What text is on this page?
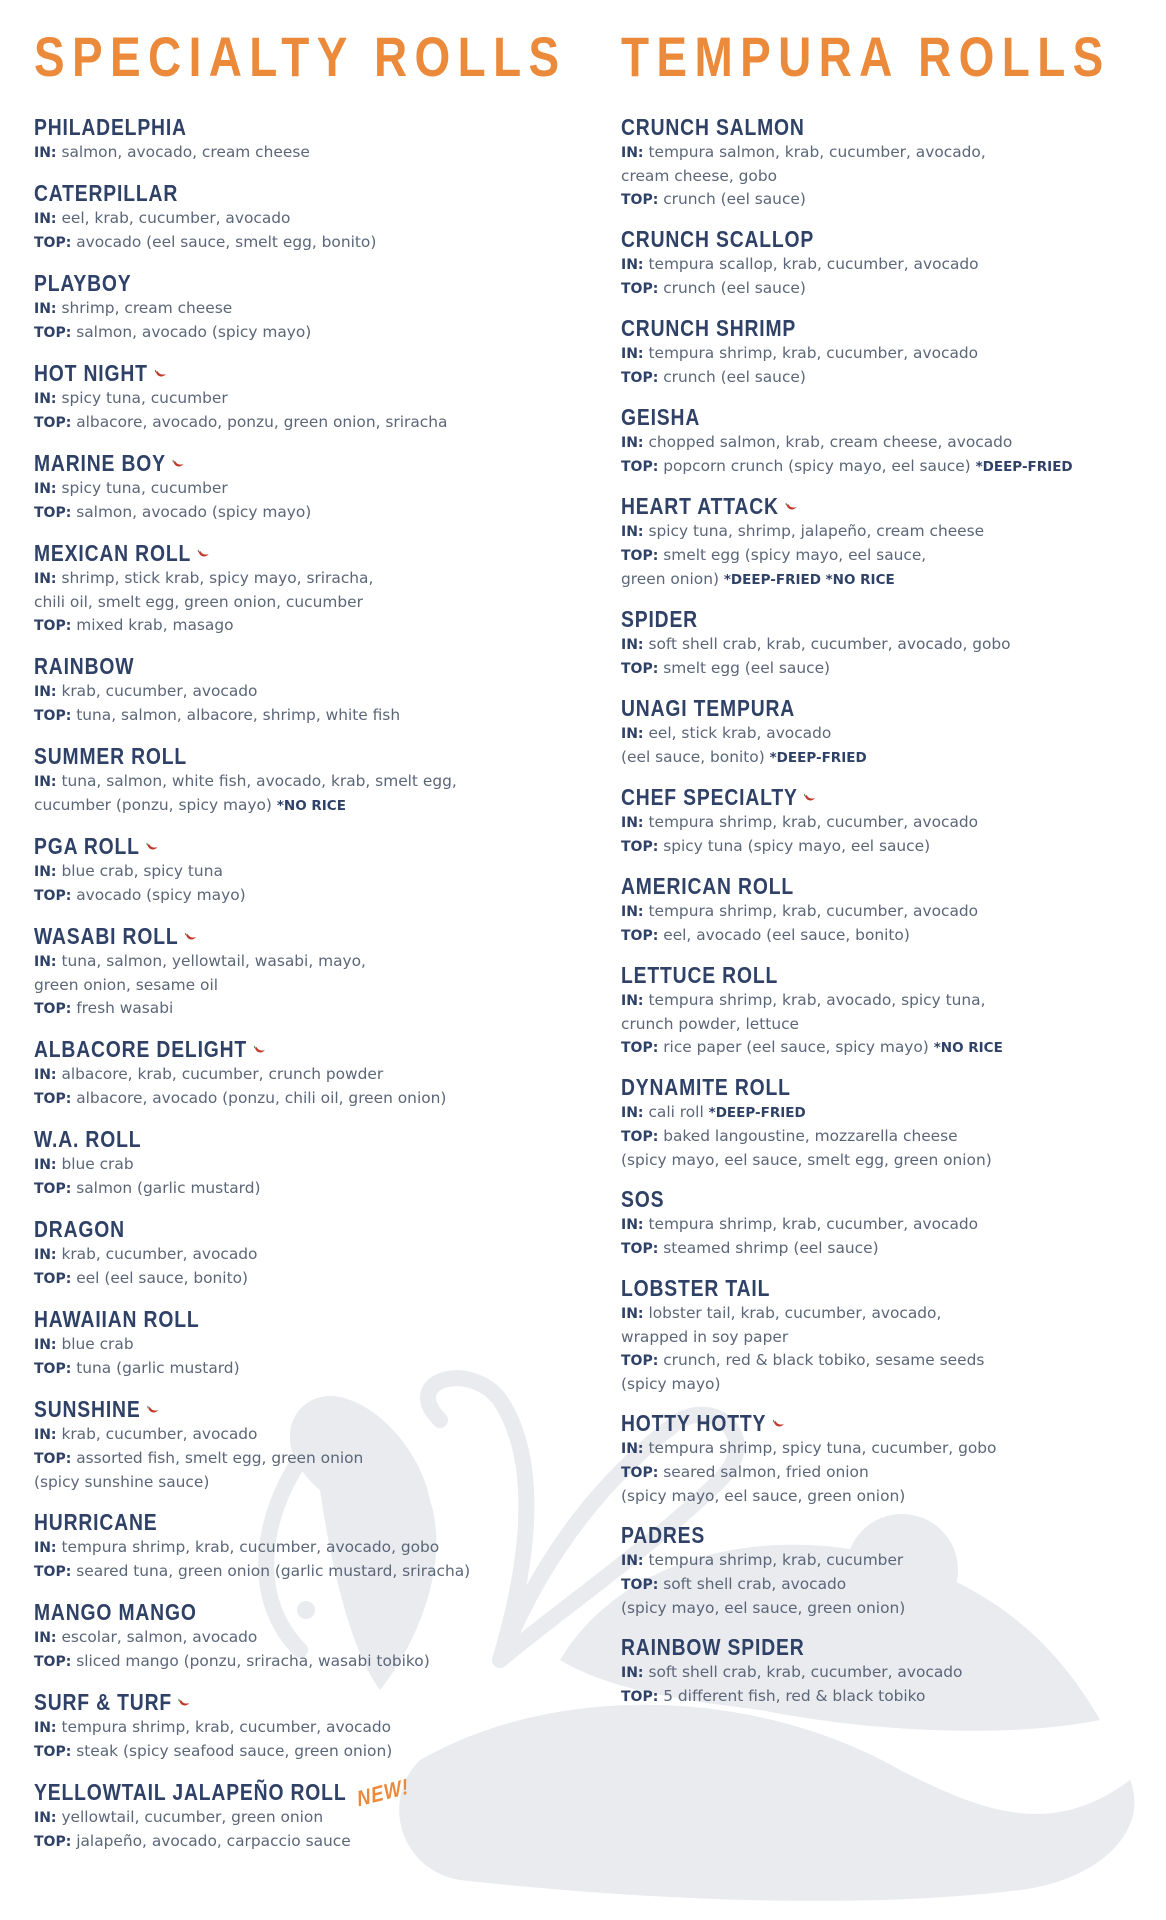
SPECIALTY ROLLS
PHILADELPHIA
IN: salmon, avocado, cream cheese
CATERPILLAR
IN: eel, krab, cucumber, avocado
TOP: avocado (eel sauce, smelt egg, bonito)
PLAYBOY
IN: shrimp, cream cheese
TOP: salmon, avocado (spicy mayo)
HOT NIGHT
IN: spicy tuna, cucumber
TOP: albacore, avocado, ponzu, green onion, sriracha
MARINE BOY
IN: spicy tuna, cucumber
TOP: salmon, avocado (spicy mayo)
MEXICAN ROLL
IN: shrimp, stick krab, spicy mayo, sriracha,
chili oil, smelt egg, green onion, cucumber
TOP: mixed krab, masago
RAINBOW
IN: krab, cucumber, avocado
TOP: tuna, salmon, albacore, shrimp, white fish
SUMMER ROLL
IN: tuna, salmon, white fish, avocado, krab, smelt egg,
cucumber (ponzu, spicy mayo) *NO RICE
PGA ROLL
IN: blue crab, spicy tuna
TOP: avocado (spicy mayo)
WASABI ROLL
IN: tuna, salmon, yellowtail, wasabi, mayo,
green onion, sesame oil
TOP: fresh wasabi
ALBACORE DELIGHT
IN: albacore, krab, cucumber, crunch powder
TOP: albacore, avocado (ponzu, chili oil, green onion)
W.A. ROLL
IN: blue crab
TOP: salmon (garlic mustard)
DRAGON
IN: krab, cucumber, avocado
TOP: eel (eel sauce, bonito)
HAWAIIAN ROLL
IN: blue crab
TOP: tuna (garlic mustard)
SUNSHINE
IN: krab, cucumber, avocado
TOP: assorted fish, smelt egg, green onion
(spicy sunshine sauce)
HURRICANE
IN: tempura shrimp, krab, cucumber, avocado, gobo
TOP: seared tuna, green onion (garlic mustard, sriracha)
MANGO MANGO
IN: escolar, salmon, avocado
TOP: sliced mango (ponzu, sriracha, wasabi tobiko)
SURF & TURF
IN: tempura shrimp, krab, cucumber, avocado
TOP: steak (spicy seafood sauce, green onion)
YELLOWTAIL JALAPEÑO ROLL NEW!
IN: yellowtail, cucumber, green onion
TOP: jalapeño, avocado, carpaccio sauce
TEMPURA ROLLS
CRUNCH SALMON
IN: tempura salmon, krab, cucumber, avocado,
cream cheese, gobo
TOP: crunch (eel sauce)
CRUNCH SCALLOP
IN: tempura scallop, krab, cucumber, avocado
TOP: crunch (eel sauce)
CRUNCH SHRIMP
IN: tempura shrimp, krab, cucumber, avocado
TOP: crunch (eel sauce)
GEISHA
IN: chopped salmon, krab, cream cheese, avocado
TOP: popcorn crunch (spicy mayo, eel sauce) *DEEP-FRIED
HEART ATTACK
IN: spicy tuna, shrimp, jalapeño, cream cheese
TOP: smelt egg (spicy mayo, eel sauce,
green onion) *DEEP-FRIED *NO RICE
SPIDER
IN: soft shell crab, krab, cucumber, avocado, gobo
TOP: smelt egg (eel sauce)
UNAGI TEMPURA
IN: eel, stick krab, avocado
(eel sauce, bonito) *DEEP-FRIED
CHEF SPECIALTY
IN: tempura shrimp, krab, cucumber, avocado
TOP: spicy tuna (spicy mayo, eel sauce)
AMERICAN ROLL
IN: tempura shrimp, krab, cucumber, avocado
TOP: eel, avocado (eel sauce, bonito)
LETTUCE ROLL
IN: tempura shrimp, krab, avocado, spicy tuna,
crunch powder, lettuce
TOP: rice paper (eel sauce, spicy mayo) *NO RICE
DYNAMITE ROLL
IN: cali roll *DEEP-FRIED
TOP: baked langoustine, mozzarella cheese
(spicy mayo, eel sauce, smelt egg, green onion)
SOS
IN: tempura shrimp, krab, cucumber, avocado
TOP: steamed shrimp (eel sauce)
LOBSTER TAIL
IN: lobster tail, krab, cucumber, avocado,
wrapped in soy paper
TOP: crunch, red & black tobiko, sesame seeds
(spicy mayo)
HOTTY HOTTY
IN: tempura shrimp, spicy tuna, cucumber, gobo
TOP: seared salmon, fried onion
(spicy mayo, eel sauce, green onion)
PADRES
IN: tempura shrimp, krab, cucumber
TOP: soft shell crab, avocado
(spicy mayo, eel sauce, green onion)
RAINBOW SPIDER
IN: soft shell crab, krab, cucumber, avocado
TOP: 5 different fish, red & black tobiko
